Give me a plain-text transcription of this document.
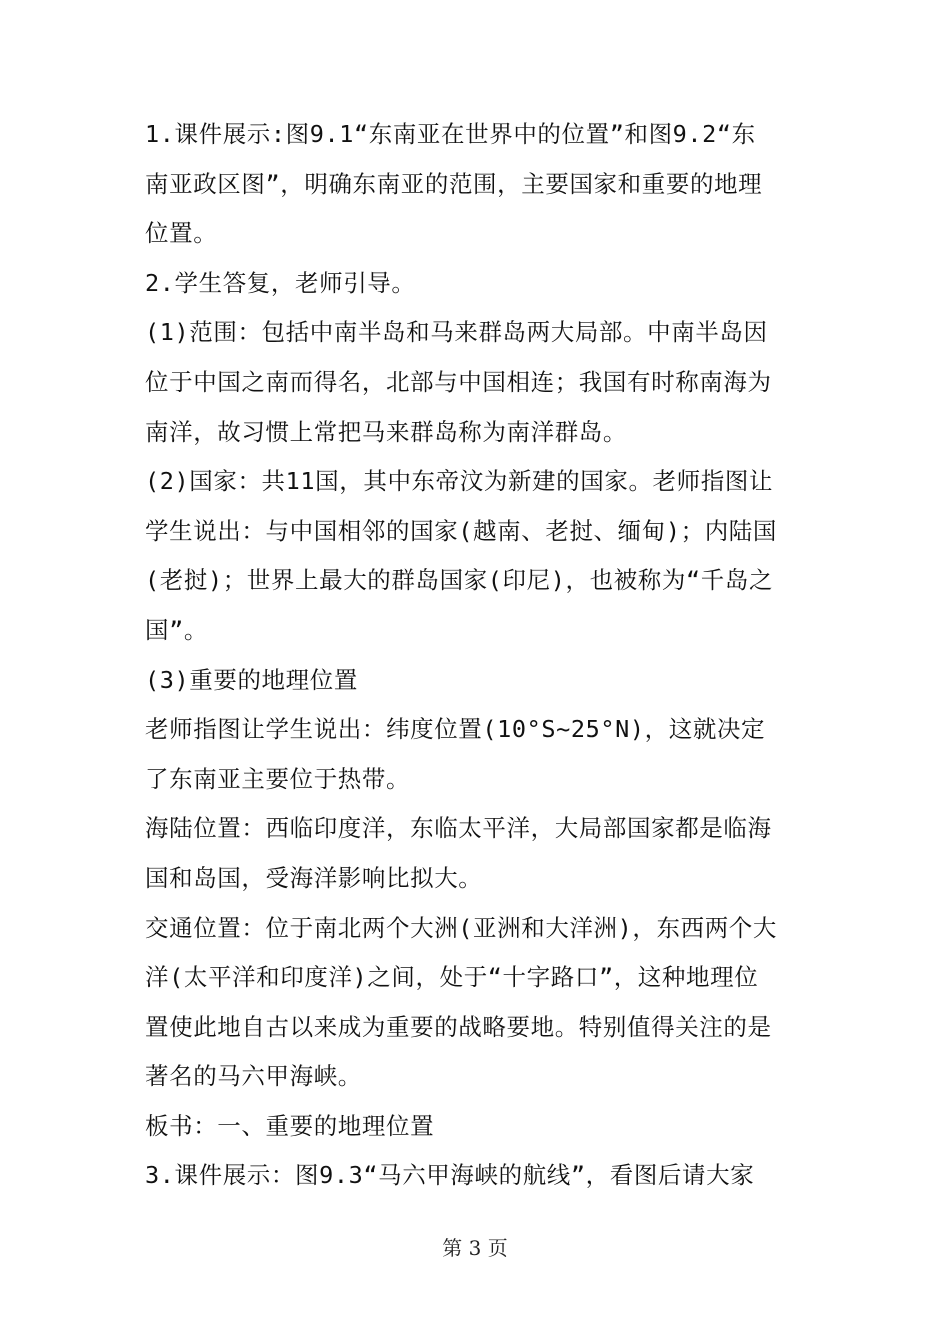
1.课件展示:图9.1“东南亚在世界中的位置”和图9.2“东
南亚政区图”，明确东南亚的范围，主要国家和重要的地理
位置。
2.学生答复，老师引导。
(1)范围：包括中南半岛和马来群岛两大局部。中南半岛因
位于中国之南而得名，北部与中国相连；我国有时称南海为
南洋，故习惯上常把马来群岛称为南洋群岛。
(2)国家：共11国，其中东帝汶为新建的国家。老师指图让
学生说出：与中国相邻的国家(越南、老挝、缅甸)；内陆国
(老挝)；世界上最大的群岛国家(印尼)，也被称为“千岛之
国”。
(3)重要的地理位置
老师指图让学生说出：纬度位置(10°S~25°N)，这就决定
了东南亚主要位于热带。
海陆位置：西临印度洋，东临太平洋，大局部国家都是临海
国和岛国，受海洋影响比拟大。
交通位置：位于南北两个大洲(亚洲和大洋洲)，东西两个大
洋(太平洋和印度洋)之间，处于“十字路口”，这种地理位
置使此地自古以来成为重要的战略要地。特别值得关注的是
著名的马六甲海峡。
板书：一、重要的地理位置
3.课件展示：图9.3“马六甲海峡的航线”，看图后请大家
第 3 页
